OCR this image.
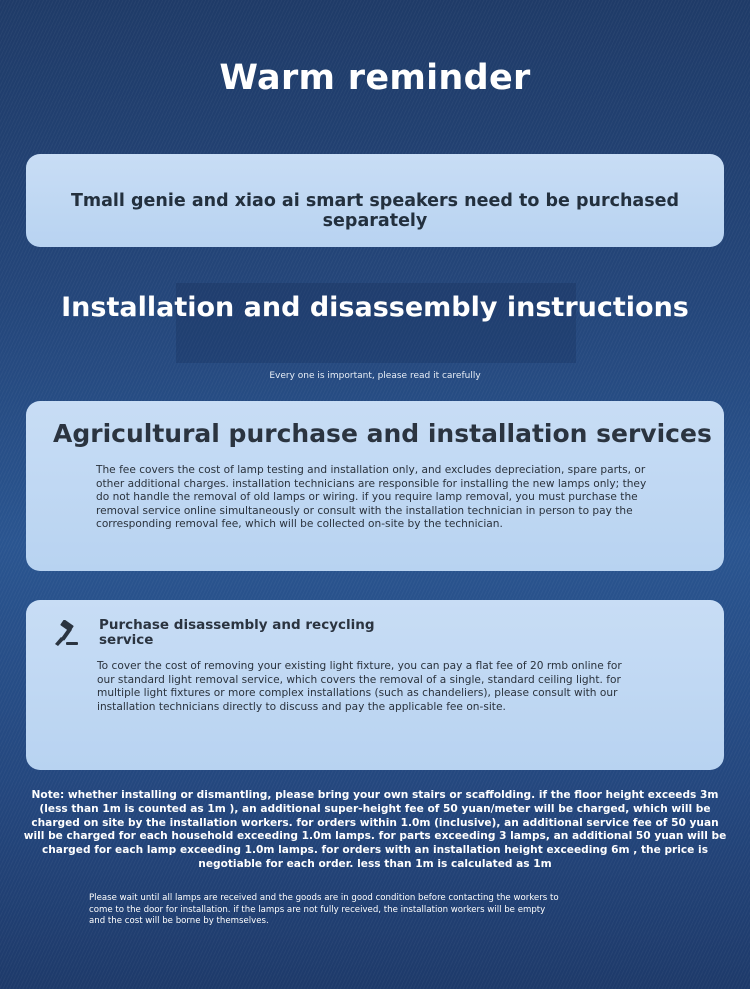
Warm reminder
Tmall genie and xiao ai smart speakers need to be purchased separately
Installation and disassembly instructions
Every one is important, please read it carefully
Agricultural purchase and installation services
The fee covers the cost of lamp testing and installation only, and excludes depreciation, spare parts, or other additional charges. installation technicians are responsible for installing the new lamps only; they do not handle the removal of old lamps or wiring. if you require lamp removal, you must purchase the removal service online simultaneously or consult with the installation technician in person to pay the corresponding removal fee, which will be collected on-site by the technician.
Purchase disassembly and recycling service
To cover the cost of removing your existing light fixture, you can pay a flat fee of 20 rmb online for our standard light removal service, which covers the removal of a single, standard ceiling light. for multiple light fixtures or more complex installations (such as chandeliers), please consult with our installation technicians directly to discuss and pay the applicable fee on-site.
Note: whether installing or dismantling, please bring your own stairs or scaffolding. if the floor height exceeds 3m (less than 1m is counted as 1m ), an additional super-height fee of 50 yuan/meter will be charged, which will be charged on site by the installation workers. for orders within 1.0m (inclusive), an additional service fee of 50 yuan will be charged for each household exceeding 1.0m lamps. for parts exceeding 3 lamps, an additional 50 yuan will be charged for each lamp exceeding 1.0m lamps. for orders with an installation height exceeding 6m , the price is negotiable for each order. less than 1m is calculated as 1m
Please wait until all lamps are received and the goods are in good condition before contacting the workers to come to the door for installation. if the lamps are not fully received, the installation workers will be empty and the cost will be borne by themselves.
